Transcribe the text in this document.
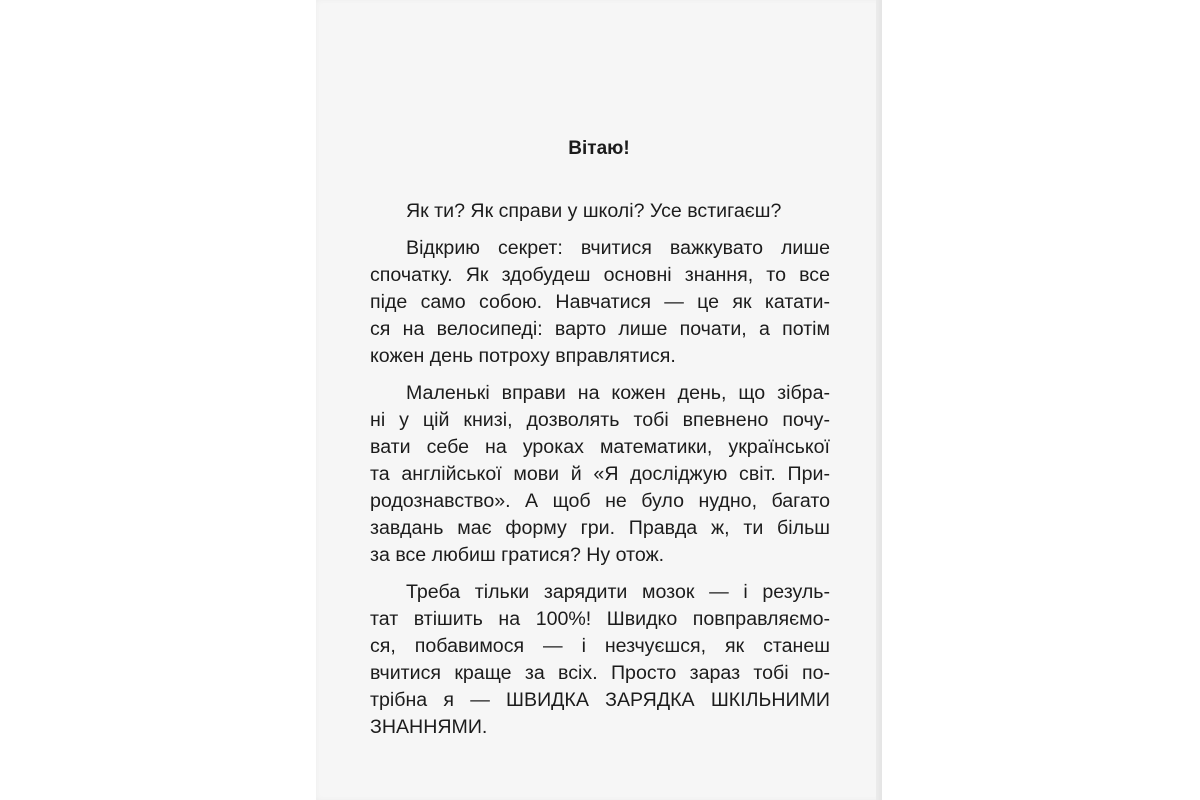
Вітаю!

Як ти? Як справи у школі? Усе встигаєш?

Відкрию секрет: вчитися важкувато лише
спочатку. Як здобудеш основні знання, то все
піде само собою. Навчатися — це як катати-
ся на велосипеді: варто лише почати, а потім
кожен день потроху вправлятися.

Маленькі вправи на кожен день, що зібра-
ні у цій книзі, дозволять тобі впевнено почу-
вати себе на уроках математики, української
та англійської мови й «Я досліджую світ. При-
родознавство». А щоб не було нудно, багато
завдань має форму гри. Правда ж, ти більш
за все любиш гратися? Ну отож.

Треба тільки зарядити мозок — і резуль-
тат втішить на 100%! Швидко повправляємо-
ся, побавимося — і незчуєшся, як станеш
вчитися краще за всіх. Просто зараз тобі по-
трібна я — ШВИДКА ЗАРЯДКА ШКІЛЬНИМИ
ЗНАННЯМИ.
